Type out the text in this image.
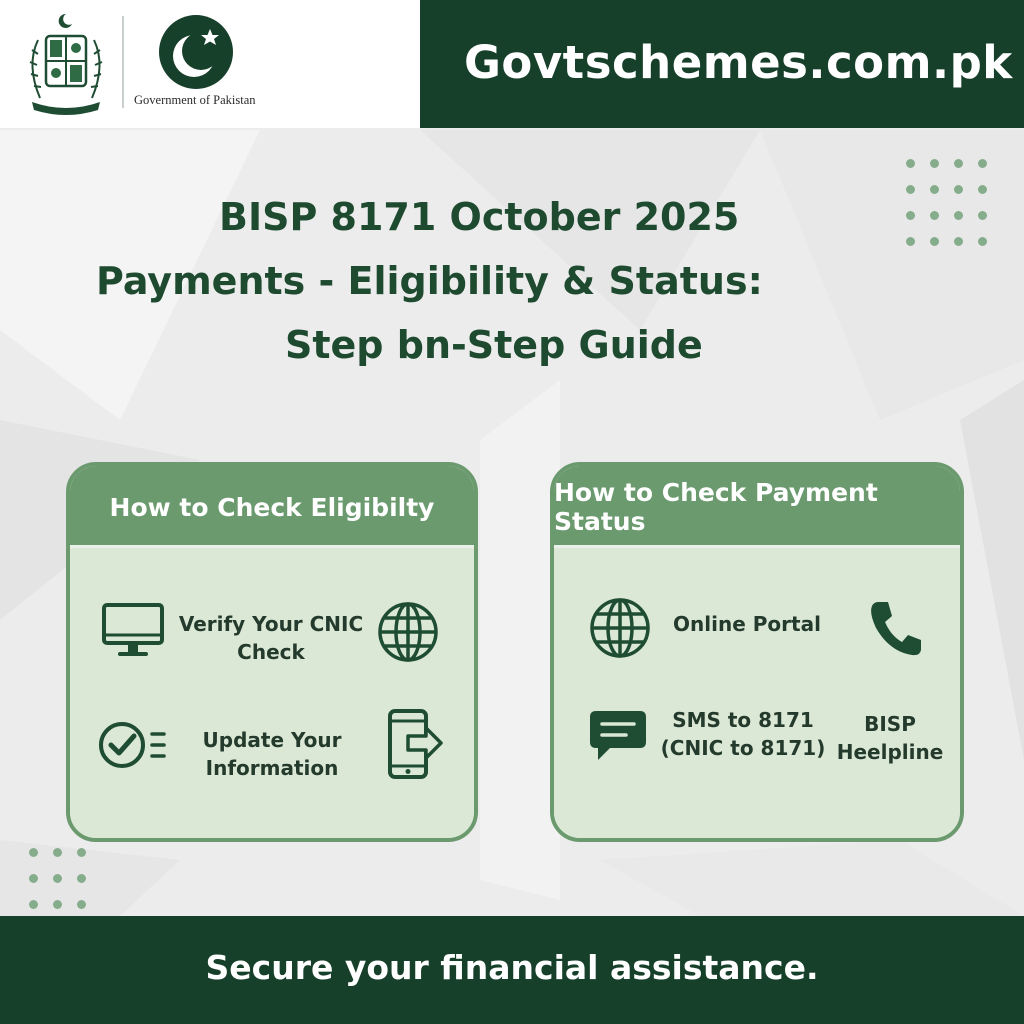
Government of Pakistan
Govtschemes.com.pk
BISP 8171 October 2025
Payments - Eligibility & Status:
Step bn-Step Guide
How to Check Eligibilty
Verify Your CNIC
Check
Update Your
Information
How to Check Payment Status
Online Portal
SMS to 8171
(CNIC to 8171)
BISP
Heelpline
Secure your financial assistance.
